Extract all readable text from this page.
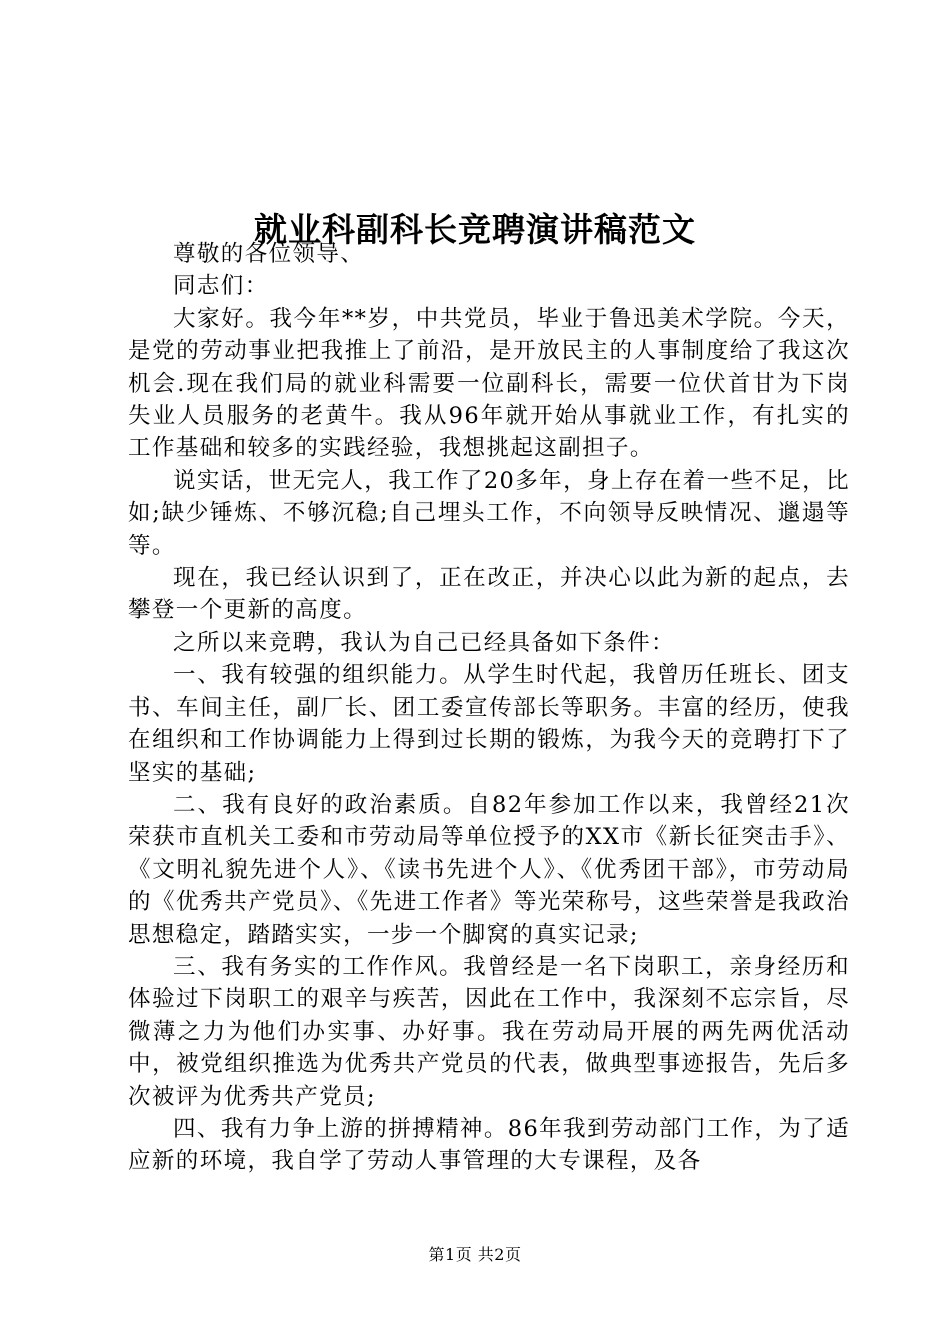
就业科副科长竞聘演讲稿范文

尊敬的各位领导、

同志们：

大家好。我今年**岁，中共党员，毕业于鲁迅美术学院。今天，是党的劳动事业把我推上了前沿，是开放民主的人事制度给了我这次机会.现在我们局的就业科需要一位副科长，需要一位伏首甘为下岗失业人员服务的老黄牛。我从96年就开始从事就业工作，有扎实的工作基础和较多的实践经验，我想挑起这副担子。

说实话，世无完人，我工作了20多年，身上存在着一些不足，比如;缺少锤炼、不够沉稳;自己埋头工作，不向领导反映情况、邋遢等等。

现在，我已经认识到了，正在改正，并决心以此为新的起点，去攀登一个更新的高度。

之所以来竞聘，我认为自己已经具备如下条件：

一、我有较强的组织能力。从学生时代起，我曾历任班长、团支书、车间主任，副厂长、团工委宣传部长等职务。丰富的经历，使我在组织和工作协调能力上得到过长期的锻炼，为我今天的竞聘打下了坚实的基础;

二、我有良好的政治素质。自82年参加工作以来，我曾经21次荣获市直机关工委和市劳动局等单位授予的XX市《新长征突击手》、《文明礼貌先进个人》、《读书先进个人》、《优秀团干部》，市劳动局的《优秀共产党员》、《先进工作者》等光荣称号，这些荣誉是我政治思想稳定，踏踏实实，一步一个脚窝的真实记录;

三、我有务实的工作作风。我曾经是一名下岗职工，亲身经历和体验过下岗职工的艰辛与疾苦，因此在工作中，我深刻不忘宗旨，尽微薄之力为他们办实事、办好事。我在劳动局开展的两先两优活动中，被党组织推选为优秀共产党员的代表，做典型事迹报告，先后多次被评为优秀共产党员;

四、我有力争上游的拼搏精神。86年我到劳动部门工作，为了适应新的环境，我自学了劳动人事管理的大专课程，及各

第1页 共2页
